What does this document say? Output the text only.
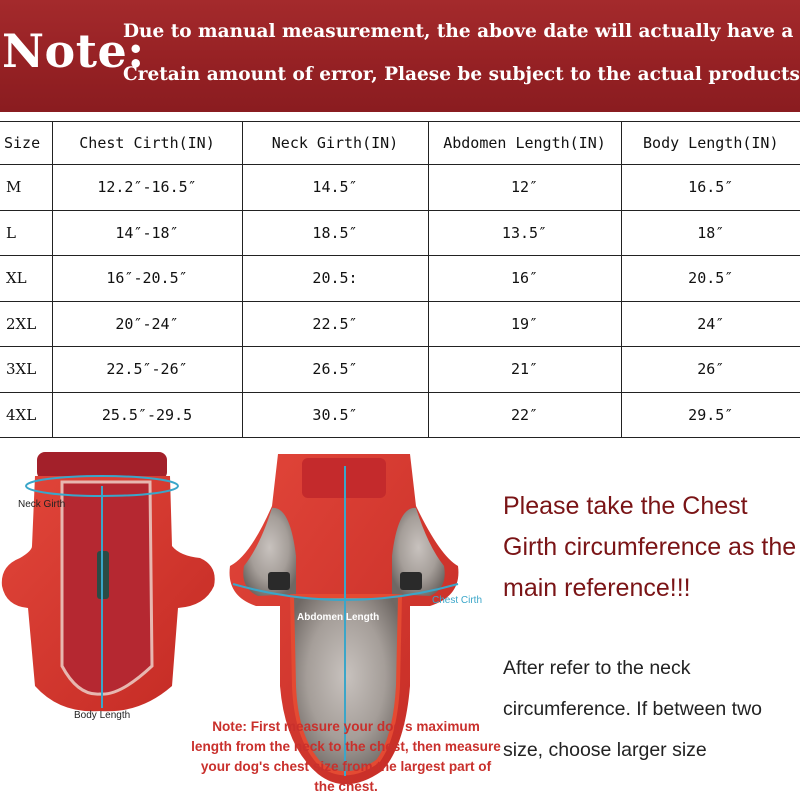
Note:
Due to manual measurement, the above date will actually have a
Cretain amount of error, Plaese be subject to the actual products
Size	Chest Cirth(IN)	Neck Girth(IN)	Abdomen Length(IN)	Body Length(IN)
M	12.2″-16.5″	14.5″	12″	16.5″
L	14″-18″	18.5″	13.5″	18″
XL	16″-20.5″	20.5:	16″	20.5″
2XL	20″-24″	22.5″	19″	24″
3XL	22.5″-26″	26.5″	21″	26″
4XL	25.5″-29.5	30.5″	22″	29.5″
Neck Girth
Body Length
Chest Cirth
Abdomen Length
Note: First measure your dog's maximum length from the neck to the chest, then measure your dog's chest size from the largest part of the chest.
Please take the Chest Girth circumference as the main reference!!!
After refer to the neck circumference. If between two size, choose larger size
